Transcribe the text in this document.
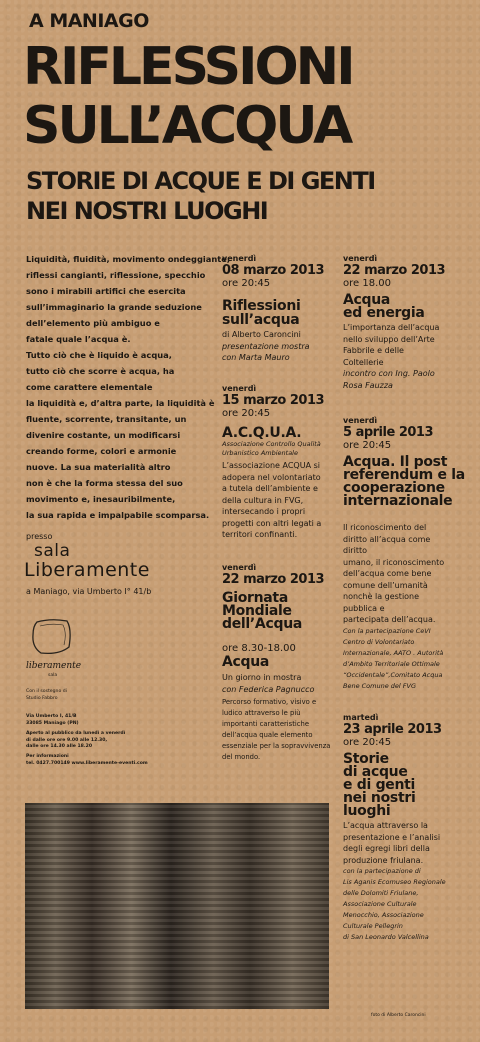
A MANIAGO
RIFLESSIONI
SULL’ACQUA
STORIE DI ACQUE E DI GENTI
NEI NOSTRI LUOGHI
Liquidità, fluidità, movimento ondeggiante,
riflessi cangianti, riflessione, specchio
sono i mirabili artifici che esercita
sull’immaginario la grande seduzione
dell’elemento più ambiguo e
fatale quale l’acqua è.
Tutto ciò che è liquido è acqua,
tutto ciò che scorre è acqua, ha
come carattere elementale
la liquidità e, d’altra parte, la liquidità è
fluente, scorrente, transitante, un
divenire costante, un modificarsi
creando forme, colori e armonie
nuove. La sua materialità altro
non è che la forma stessa del suo
movimento e, inesauribilmente,
la sua rapida e impalpabile scomparsa.
presso
sala
Liberamente
a Maniago, via Umberto I° 41/b
liberamente
sala
Con il sostegno di
Studio Fabbro
Via Umberto I, 41/B
33085 Maniago (PN)
Aperto al pubblico da lunedì a venerdì
di dalle ore ore 9.00 alle 12.30,
dalle ore 14.30 alle 18.20
Per informazioni
tel. 0427.700149 www.liberamente-eventi.com
foto di Alberto Caroncini
venerdì
08 marzo 2013
ore 20:45
Riflessioni
sull’acqua
di Alberto Caroncini
presentazione mostra
con Marta Mauro
venerdì
15 marzo 2013
ore 20:45
A.C.Q.U.A.
Associazione Controllo Qualità
Urbanistico Ambientale
L’associazione ACQUA si
adopera nel volontariato
a tutela dell’ambiente e
della cultura in FVG,
intersecando i propri
progetti con altri legati a
territori confinanti.
venerdì
22 marzo 2013
Giornata
Mondiale
dell’Acqua
ore 8.30-18.00
Acqua
Un giorno in mostra
con Federica Pagnucco
Percorso formativo, visivo e
ludico attraverso le più
importanti caratteristiche
dell’acqua quale elemento
essenziale per la sopravvivenza
del mondo.
venerdì
22 marzo 2013
ore 18.00
Acqua
ed energia
L’importanza dell’acqua
nello sviluppo dell’Arte
Fabbrile e delle
Coltellerie
incontro con Ing. Paolo
Rosa Fauzza
venerdì
5 aprile 2013
ore 20:45
Acqua. Il post
referendum e la
cooperazione
internazionale
Il riconoscimento del
diritto all’acqua come
diritto
umano, il riconoscimento
dell’acqua come bene
comune dell’umanità
nonchè la gestione
pubblica e
partecipata dell’acqua.
Con la partecipazione CeVI
Centro di Volontariato
Internazionale, AATO . Autorità
d’Ambito Territoriale Ottimale
“Occidentale”,Comitato Acqua
Bene Comune del FVG
martedì
23 aprile 2013
ore 20:45
Storie
di acque
e di genti
nei nostri
luoghi
L’acqua attraverso la
presentazione e l’analisi
degli egregi libri della
produzione friulana.
con la partecipazione di
Lis Aganis Ecomuseo Regionale
delle Dolomiti Friulane,
Associazione Culturale
Menocchio, Associazione
Culturale Pellegrin
di San Leonardo Valcellina
